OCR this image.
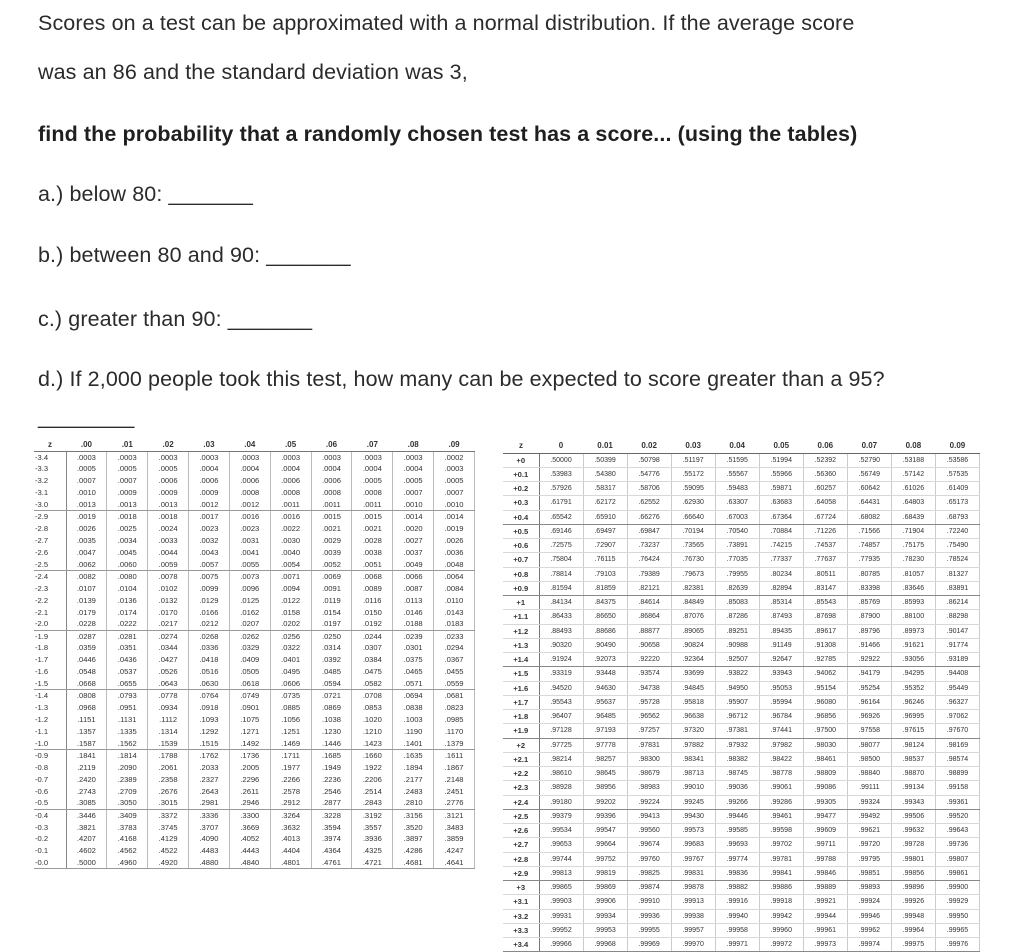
Scores on a test can be approximated with a normal distribution. If the average score
was an 86 and the standard deviation was 3,
find the probability that a randomly chosen test has a score... (using the tables)
a.) below 80: _______
b.) between 80 and 90: _______
c.) greater than 90: _______
d.) If 2,000 people took this test, how many can be expected to score greater than a 95?
________
z	.00	.01	.02	.03	.04	.05	.06	.07	.08	.09
-3.4	.0003	.0003	.0003	.0003	.0003	.0003	.0003	.0003	.0003	.0002
-3.3	.0005	.0005	.0005	.0004	.0004	.0004	.0004	.0004	.0004	.0003
-3.2	.0007	.0007	.0006	.0006	.0006	.0006	.0006	.0005	.0005	.0005
-3.1	.0010	.0009	.0009	.0009	.0008	.0008	.0008	.0008	.0007	.0007
-3.0	.0013	.0013	.0013	.0012	.0012	.0011	.0011	.0011	.0010	.0010
-2.9	.0019	.0018	.0018	.0017	.0016	.0016	.0015	.0015	.0014	.0014
-2.8	.0026	.0025	.0024	.0023	.0023	.0022	.0021	.0021	.0020	.0019
-2.7	.0035	.0034	.0033	.0032	.0031	.0030	.0029	.0028	.0027	.0026
-2.6	.0047	.0045	.0044	.0043	.0041	.0040	.0039	.0038	.0037	.0036
-2.5	.0062	.0060	.0059	.0057	.0055	.0054	.0052	.0051	.0049	.0048
-2.4	.0082	.0080	.0078	.0075	.0073	.0071	.0069	.0068	.0066	.0064
-2.3	.0107	.0104	.0102	.0099	.0096	.0094	.0091	.0089	.0087	.0084
-2.2	.0139	.0136	.0132	.0129	.0125	.0122	.0119	.0116	.0113	.0110
-2.1	.0179	.0174	.0170	.0166	.0162	.0158	.0154	.0150	.0146	.0143
-2.0	.0228	.0222	.0217	.0212	.0207	.0202	.0197	.0192	.0188	.0183
-1.9	.0287	.0281	.0274	.0268	.0262	.0256	.0250	.0244	.0239	.0233
-1.8	.0359	.0351	.0344	.0336	.0329	.0322	.0314	.0307	.0301	.0294
-1.7	.0446	.0436	.0427	.0418	.0409	.0401	.0392	.0384	.0375	.0367
-1.6	.0548	.0537	.0526	.0516	.0505	.0495	.0485	.0475	.0465	.0455
-1.5	.0668	.0655	.0643	.0630	.0618	.0606	.0594	.0582	.0571	.0559
-1.4	.0808	.0793	.0778	.0764	.0749	.0735	.0721	.0708	.0694	.0681
-1.3	.0968	.0951	.0934	.0918	.0901	.0885	.0869	.0853	.0838	.0823
-1.2	.1151	.1131	.1112	.1093	.1075	.1056	.1038	.1020	.1003	.0985
-1.1	.1357	.1335	.1314	.1292	.1271	.1251	.1230	.1210	.1190	.1170
-1.0	.1587	.1562	.1539	.1515	.1492	.1469	.1446	.1423	.1401	.1379
-0.9	.1841	.1814	.1788	.1762	.1736	.1711	.1685	.1660	.1635	.1611
-0.8	.2119	.2090	.2061	.2033	.2005	.1977	.1949	.1922	.1894	.1867
-0.7	.2420	.2389	.2358	.2327	.2296	.2266	.2236	.2206	.2177	.2148
-0.6	.2743	.2709	.2676	.2643	.2611	.2578	.2546	.2514	.2483	.2451
-0.5	.3085	.3050	.3015	.2981	.2946	.2912	.2877	.2843	.2810	.2776
-0.4	.3446	.3409	.3372	.3336	.3300	.3264	.3228	.3192	.3156	.3121
-0.3	.3821	.3783	.3745	.3707	.3669	.3632	.3594	.3557	.3520	.3483
-0.2	.4207	.4168	.4129	.4090	.4052	.4013	.3974	.3936	.3897	.3859
-0.1	.4602	.4562	.4522	.4483	.4443	.4404	.4364	.4325	.4286	.4247
-0.0	.5000	.4960	.4920	.4880	.4840	.4801	.4761	.4721	.4681	.4641
z	0	0.01	0.02	0.03	0.04	0.05	0.06	0.07	0.08	0.09
+0	.50000	.50399	.50798	.51197	.51595	.51994	.52392	.52790	.53188	.53586
+0.1	.53983	.54380	.54776	.55172	.55567	.55966	.56360	.56749	.57142	.57535
+0.2	.57926	.58317	.58706	.59095	.59483	.59871	.60257	.60642	.61026	.61409
+0.3	.61791	.62172	.62552	.62930	.63307	.63683	.64058	.64431	.64803	.65173
+0.4	.65542	.65910	.66276	.66640	.67003	.67364	.67724	.68082	.68439	.68793
+0.5	.69146	.69497	.69847	.70194	.70540	.70884	.71226	.71566	.71904	.72240
+0.6	.72575	.72907	.73237	.73565	.73891	.74215	.74537	.74857	.75175	.75490
+0.7	.75804	.76115	.76424	.76730	.77035	.77337	.77637	.77935	.78230	.78524
+0.8	.78814	.79103	.79389	.79673	.79955	.80234	.80511	.80785	.81057	.81327
+0.9	.81594	.81859	.82121	.82381	.82639	.82894	.83147	.83398	.83646	.83891
+1	.84134	.84375	.84614	.84849	.85083	.85314	.85543	.85769	.85993	.86214
+1.1	.86433	.86650	.86864	.87076	.87286	.87493	.87698	.87900	.88100	.88298
+1.2	.88493	.88686	.88877	.89065	.89251	.89435	.89617	.89796	.89973	.90147
+1.3	.90320	.90490	.90658	.90824	.90988	.91149	.91308	.91466	.91621	.91774
+1.4	.91924	.92073	.92220	.92364	.92507	.92647	.92785	.92922	.93056	.93189
+1.5	.93319	.93448	.93574	.93699	.93822	.93943	.94062	.94179	.94295	.94408
+1.6	.94520	.94630	.94738	.94845	.94950	.95053	.95154	.95254	.95352	.95449
+1.7	.95543	.95637	.95728	.95818	.95907	.95994	.96080	.96164	.96246	.96327
+1.8	.96407	.96485	.96562	.96638	.96712	.96784	.96856	.96926	.96995	.97062
+1.9	.97128	.97193	.97257	.97320	.97381	.97441	.97500	.97558	.97615	.97670
+2	.97725	.97778	.97831	.97882	.97932	.97982	.98030	.98077	.98124	.98169
+2.1	.98214	.98257	.98300	.98341	.98382	.98422	.98461	.98500	.98537	.98574
+2.2	.98610	.98645	.98679	.98713	.98745	.98778	.98809	.98840	.98870	.98899
+2.3	.98928	.98956	.98983	.99010	.99036	.99061	.99086	.99111	.99134	.99158
+2.4	.99180	.99202	.99224	.99245	.99266	.99286	.99305	.99324	.99343	.99361
+2.5	.99379	.99396	.99413	.99430	.99446	.99461	.99477	.99492	.99506	.99520
+2.6	.99534	.99547	.99560	.99573	.99585	.99598	.99609	.99621	.99632	.99643
+2.7	.99653	.99664	.99674	.99683	.99693	.99702	.99711	.99720	.99728	.99736
+2.8	.99744	.99752	.99760	.99767	.99774	.99781	.99788	.99795	.99801	.99807
+2.9	.99813	.99819	.99825	.99831	.99836	.99841	.99846	.99851	.99856	.99861
+3	.99865	.99869	.99874	.99878	.99882	.99886	.99889	.99893	.99896	.99900
+3.1	.99903	.99906	.99910	.99913	.99916	.99918	.99921	.99924	.99926	.99929
+3.2	.99931	.99934	.99936	.99938	.99940	.99942	.99944	.99946	.99948	.99950
+3.3	.99952	.99953	.99955	.99957	.99958	.99960	.99961	.99962	.99964	.99965
+3.4	.99966	.99968	.99969	.99970	.99971	.99972	.99973	.99974	.99975	.99976
